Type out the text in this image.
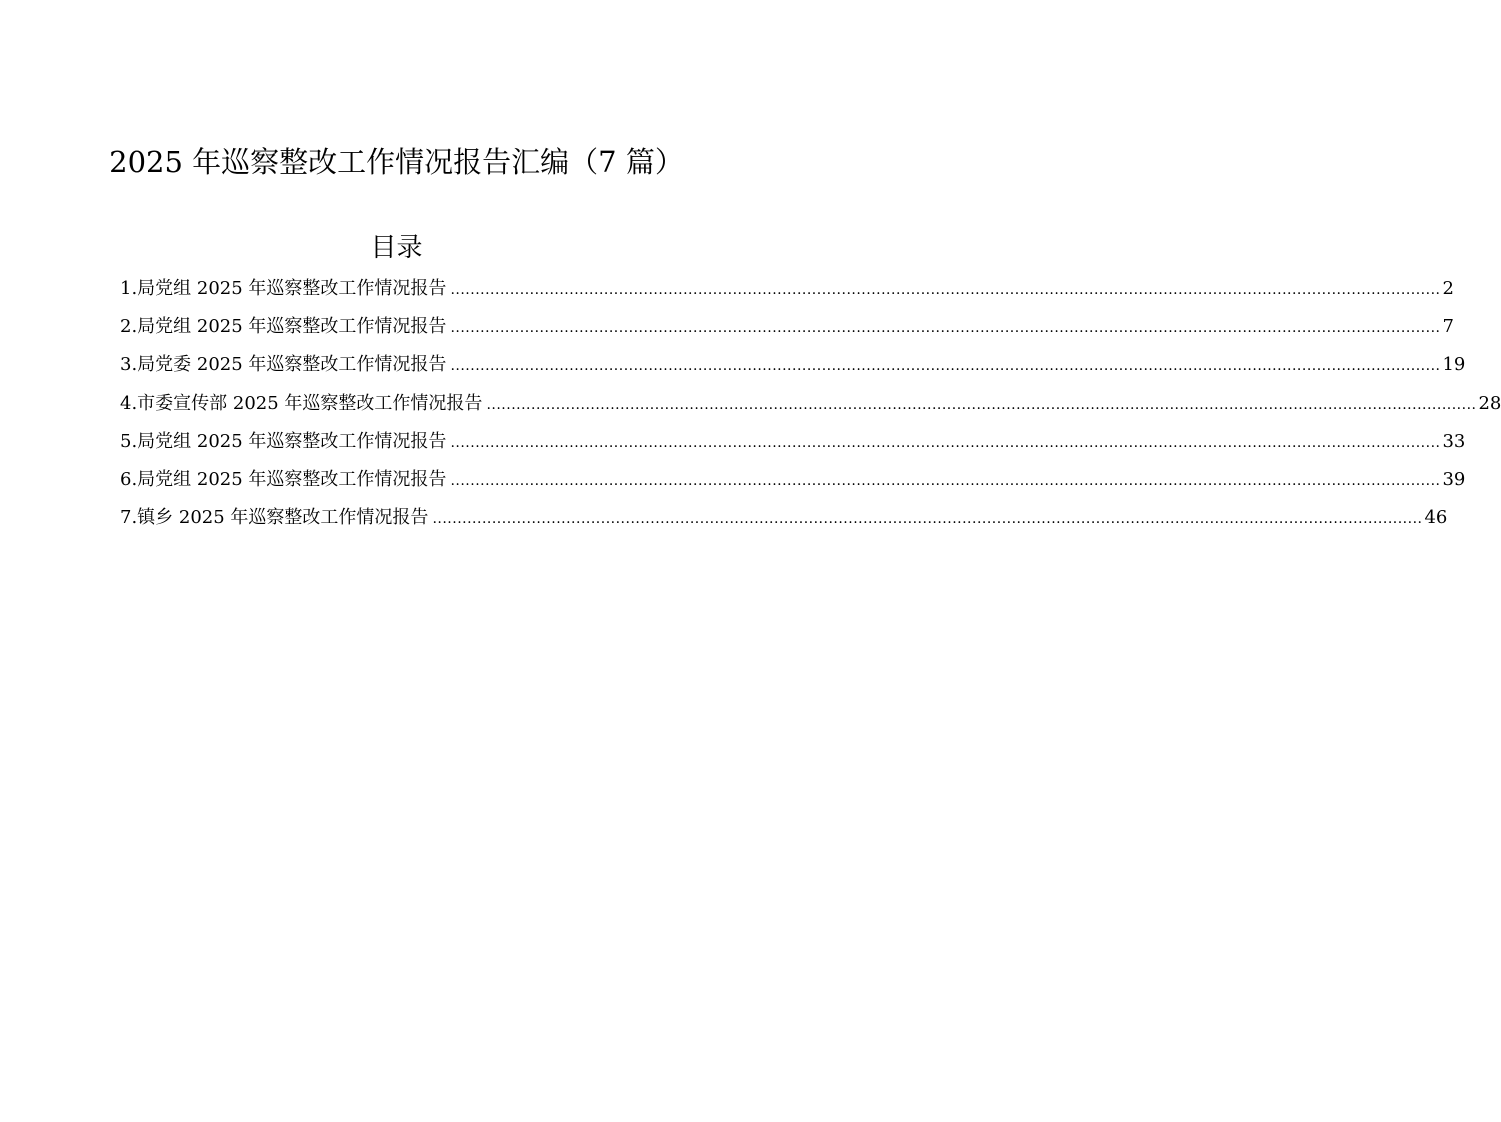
2025 年巡察整改工作情况报告汇编（7 篇）
目录
1.局党组 2025 年巡察整改工作情况报告 ........................................................................................................................................................................................................ 2
2.局党组 2025 年巡察整改工作情况报告 ........................................................................................................................................................................................................ 7
3.局党委 2025 年巡察整改工作情况报告 ........................................................................................................................................................................................................ 19
4.市委宣传部 2025 年巡察整改工作情况报告 ........................................................................................................................................................................................................ 28
5.局党组 2025 年巡察整改工作情况报告 ........................................................................................................................................................................................................ 33
6.局党组 2025 年巡察整改工作情况报告 ........................................................................................................................................................................................................ 39
7.镇乡 2025 年巡察整改工作情况报告 ........................................................................................................................................................................................................ 46
